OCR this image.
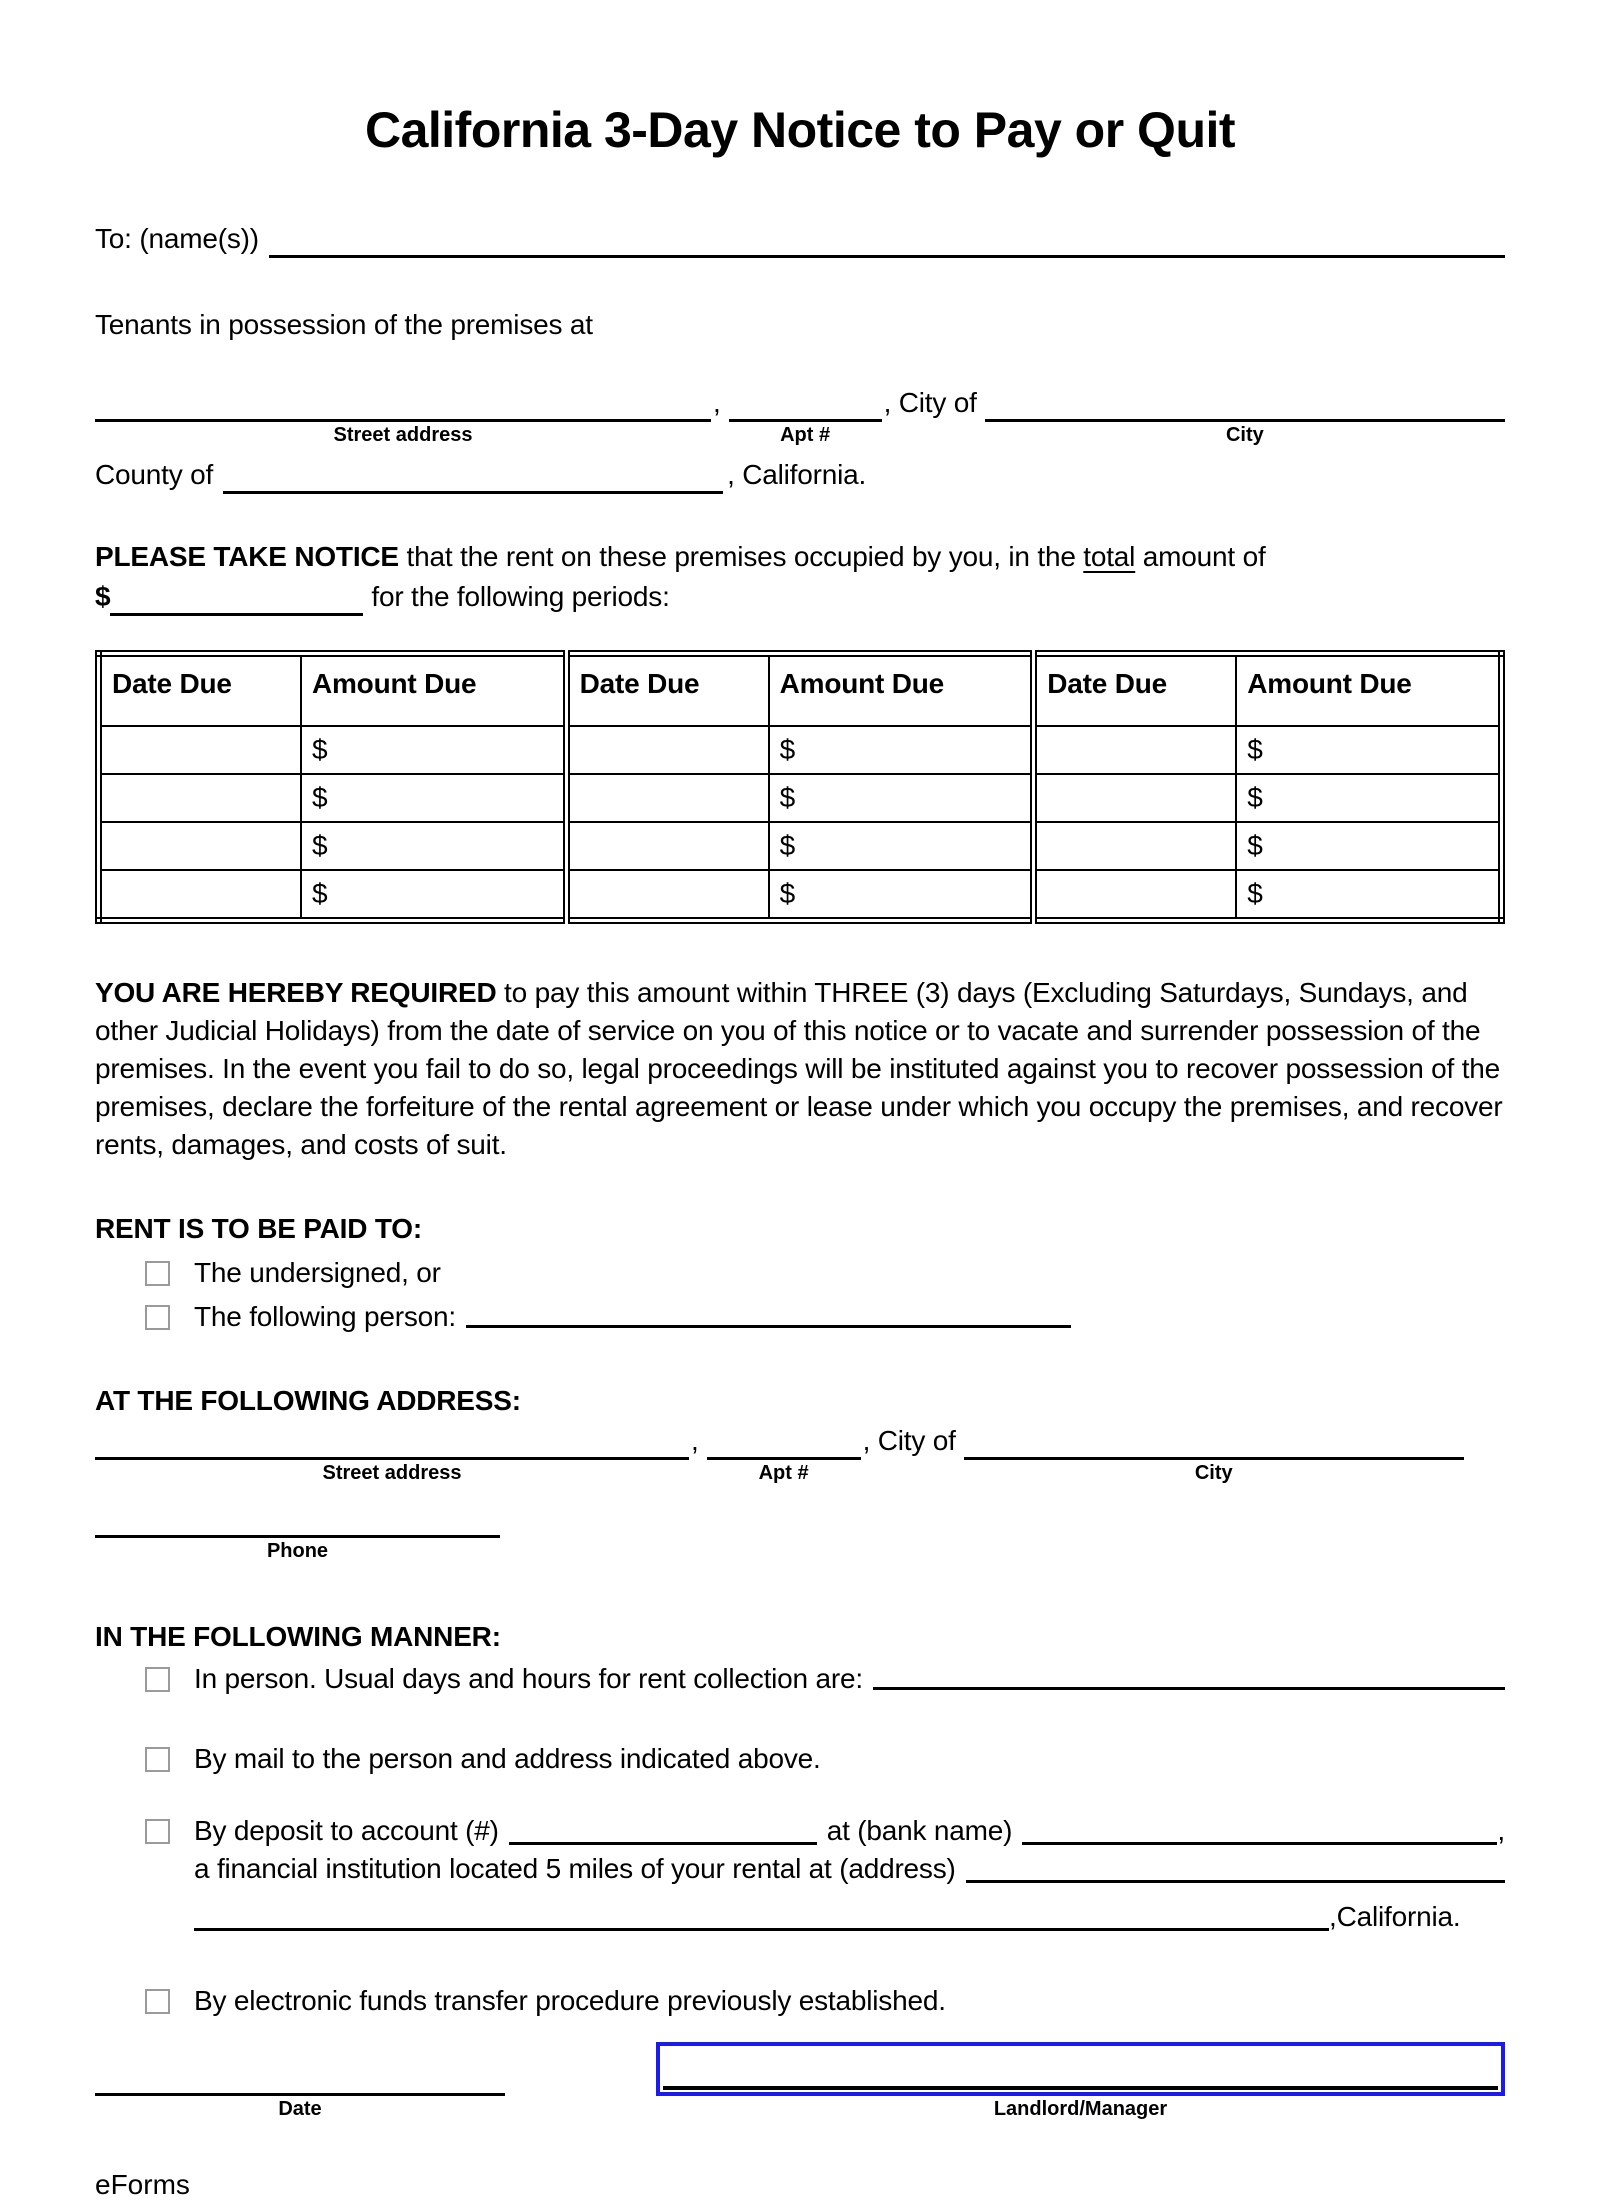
California 3-Day Notice to Pay or Quit
To: (name(s))
Tenants in possession of the premises at
Street address
,
Apt #
, City of
City
County of	, California.

PLEASE TAKE NOTICE that the rent on these premises occupied by you, in the total amount of

$	for the following periods:
Date Due	Amount Due	Date Due	Amount Due	Date Due	Amount Due
	$		$		$
	$		$		$
	$		$		$
	$		$		$

YOU ARE HEREBY REQUIRED to pay this amount within THREE (3) days (Excluding Saturdays, Sundays, and other Judicial Holidays) from the date of service on you of this notice or to vacate and surrender possession of the premises. In the event you fail to do so, legal proceedings will be instituted against you to recover possession of the premises, declare the forfeiture of the rental agreement or lease under which you occupy the premises, and recover rents, damages, and costs of suit.

RENT IS TO BE PAID TO:
The undersigned, or
The following person:
AT THE FOLLOWING ADDRESS:
Street address
,
Apt #
, City of
City
Phone
IN THE FOLLOWING MANNER:
In person. Usual days and hours for rent collection are:
By mail to the person and address indicated above.
By deposit to account (#)	at (bank name)	,
a financial institution located 5 miles of your rental at (address)
,California.
By electronic funds transfer procedure previously established.
Date	Landlord/Manager
eForms
